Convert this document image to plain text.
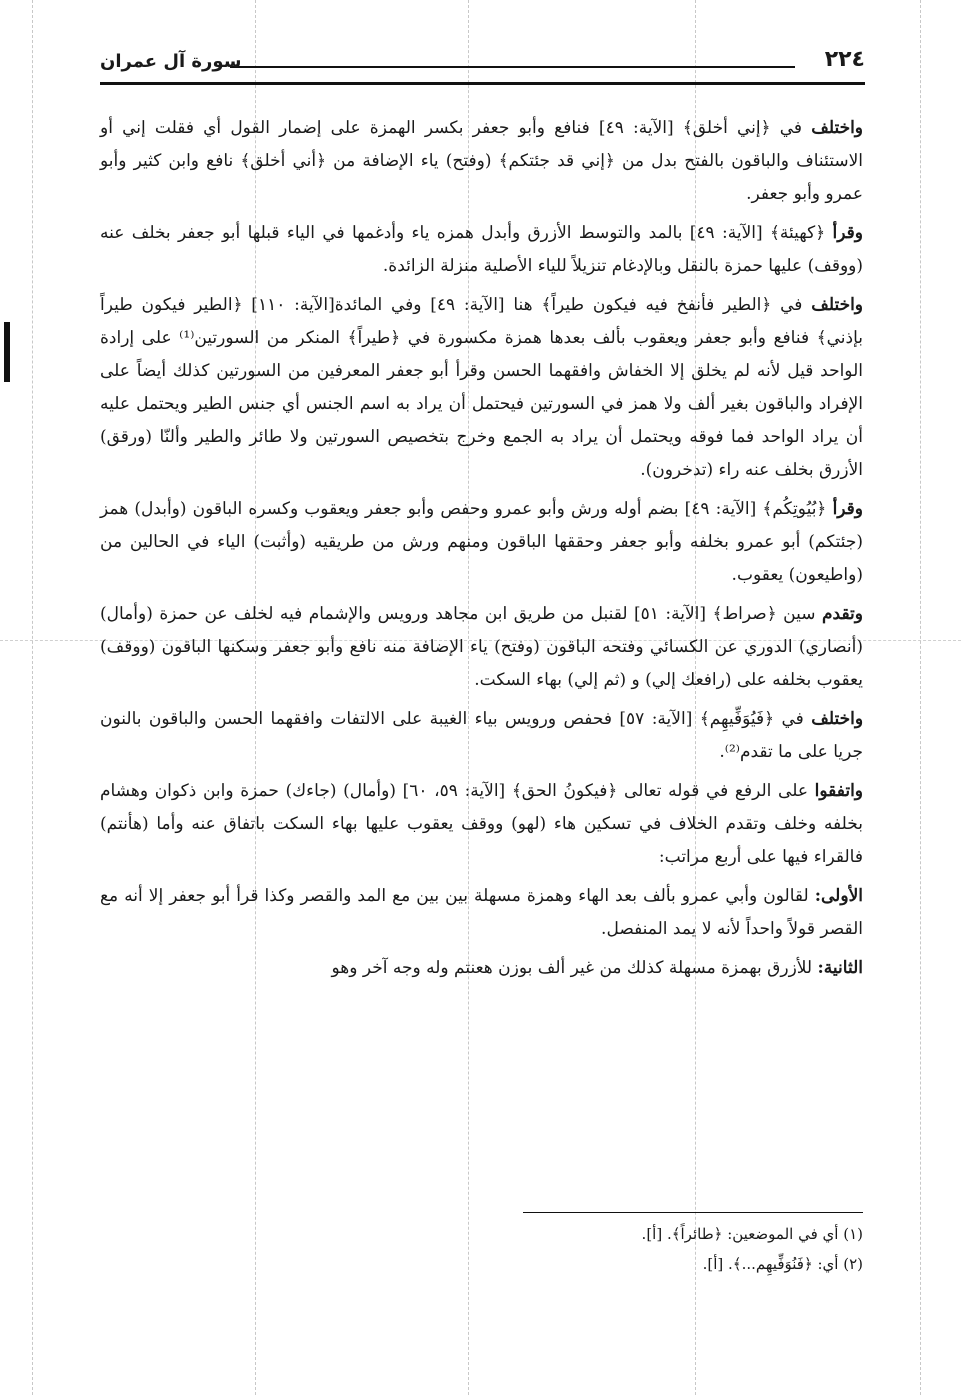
٢٢٤
سورة آل عمران

واختلف في ﴿إني أخلق﴾ [الآية: ٤٩] فنافع وأبو جعفر بكسر الهمزة على إضمار القول أي فقلت إني أو الاستئناف والباقون بالفتح بدل من ﴿إني قد جئتكم﴾ (وفتح) ياء الإضافة من ﴿أني أخلق﴾ نافع وابن كثير وأبو عمرو وأبو جعفر.

وقرأ ﴿كهيئة﴾ [الآية: ٤٩] بالمد والتوسط الأزرق وأبدل همزه ياء وأدغمها في الياء قبلها أبو جعفر بخلف عنه (ووقف) عليها حمزة بالنقل وبالإدغام تنزيلاً للياء الأصلية منزلة الزائدة.

واختلف في ﴿الطير فأنفخ فيه فيكون طيراً﴾ هنا [الآية: ٤٩] وفي المائدة[الآية: ١١٠] ﴿الطير فيكون طيراً بإذني﴾ فنافع وأبو جعفر ويعقوب بألف بعدها همزة مكسورة في ﴿طيراً﴾ المنكر من السورتين⁽¹⁾ على إرادة الواحد قيل لأنه لم يخلق إلا الخفاش وافقهما الحسن وقرأ أبو جعفر المعرفين من السورتين كذلك أيضاً على الإفراد والباقون بغير ألف ولا همز في السورتين فيحتمل أن يراد به اسم الجنس أي جنس الطير ويحتمل عليه أن يراد الواحد فما فوقه ويحتمل أن يراد به الجمع وخرج بتخصيص السورتين ولا طائر والطير وألنّا (ورقق) الأزرق بخلف عنه راء (تدخرون).

وقرأ ﴿بُيُوتِكُم﴾ [الآية: ٤٩] بضم أوله ورش وأبو عمرو وحفص وأبو جعفر ويعقوب وكسره الباقون (وأبدل) همز (جئتكم) أبو عمرو بخلفه وأبو جعفر وحققها الباقون ومنهم ورش من طريقيه (وأثبت) الياء في الحالين من (واطيعون) يعقوب.

وتقدم سين ﴿صراط﴾ [الآية: ٥١] لقنبل من طريق ابن مجاهد ورويس والإشمام فيه لخلف عن حمزة (وأمال) (أنصاري) الدوري عن الكسائي وفتحه الباقون (وفتح) ياء الإضافة منه نافع وأبو جعفر وسكنها الباقون (ووقف) يعقوب بخلفه على (رافعك إلي) و (ثم إلي) بهاء السكت.

واختلف في ﴿فَيُوَفِّيهِم﴾ [الآية: ٥٧] فحفص ورويس بياء الغيبة على الالتفات وافقهما الحسن والباقون بالنون جريا على ما تقدم⁽²⁾.

واتفقوا على الرفع في قوله تعالى ﴿فيكونُ الحق﴾ [الآية: ٥٩، ٦٠] (وأمال) (جاءك) حمزة وابن ذكوان وهشام بخلفه وخلف وتقدم الخلاف في تسكين هاء (لهو) ووقف يعقوب عليها بهاء السكت باتفاق عنه وأما (هأنتم) فالقراء فيها على أربع مراتب:

الأولى: لقالون وأبي عمرو بألف بعد الهاء وهمزة مسهلة بين بين مع المد والقصر وكذا قرأ أبو جعفر إلا أنه مع القصر قولاً واحداً لأنه لا يمد المنفصل.

الثانية: للأزرق بهمزة مسهلة كذلك من غير ألف بوزن هعنتم وله وجه آخر وهو

(١) أي في الموضعين: ﴿طائراً﴾. [أ].

(٢) أي: ﴿فَنُوَفِّيهِم...﴾. [أ].
